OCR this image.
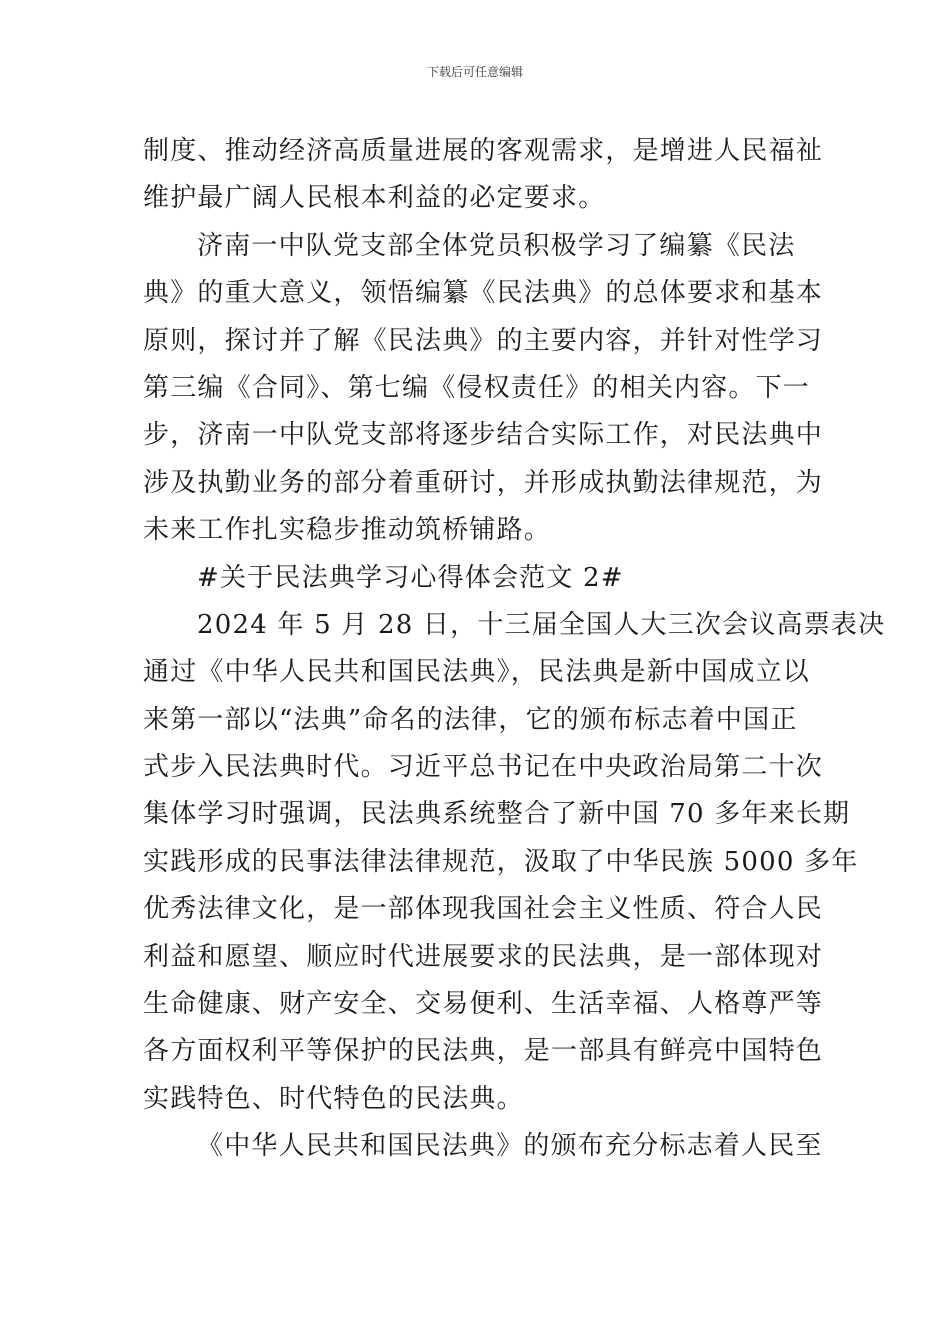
下载后可任意编辑
制度、推动经济高质量进展的客观需求，是增进人民福祉
维护最广阔人民根本利益的必定要求。
济南一中队党支部全体党员积极学习了编纂《民法
典》的重大意义，领悟编纂《民法典》的总体要求和基本
原则，探讨并了解《民法典》的主要内容，并针对性学习
第三编《合同》、第七编《侵权责任》的相关内容。下一
步，济南一中队党支部将逐步结合实际工作，对民法典中
涉及执勤业务的部分着重研讨，并形成执勤法律规范，为
未来工作扎实稳步推动筑桥铺路。
#关于民法典学习心得体会范文 2#
2024 年 5 月 28 日，十三届全国人大三次会议高票表决
通过《中华人民共和国民法典》，民法典是新中国成立以
来第一部以“法典”命名的法律，它的颁布标志着中国正
式步入民法典时代。习近平总书记在中央政治局第二十次
集体学习时强调，民法典系统整合了新中国 70 多年来长期
实践形成的民事法律法律规范，汲取了中华民族 5000 多年
优秀法律文化，是一部体现我国社会主义性质、符合人民
利益和愿望、顺应时代进展要求的民法典，是一部体现对
生命健康、财产安全、交易便利、生活幸福、人格尊严等
各方面权利平等保护的民法典，是一部具有鲜亮中国特色
实践特色、时代特色的民法典。
《中华人民共和国民法典》的颁布充分标志着人民至
